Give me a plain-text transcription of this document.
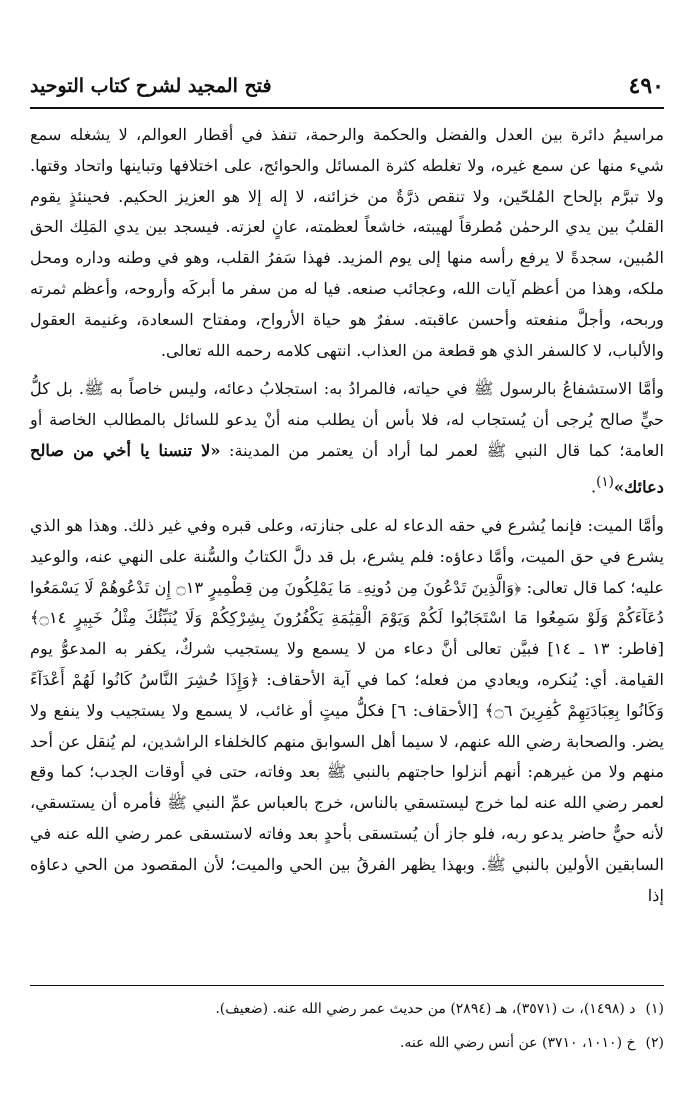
٤٩٠
فتح المجيد لشرح كتاب التوحيد

مراسيمُ دائرة بين العدل والفضل والحكمة والرحمة، تنفذ في أقطار العوالم، لا يشغله سمع شيء منها عن سمع غيره، ولا تغلطه كثرة المسائل والحوائج، على اختلافها وتباينها واتحاد وقتها. ولا تبرَّم بإلحاح المُلحّين، ولا تنقص ذرَّةٌ من خزائنه، لا إله إلا هو العزيز الحكيم. فحينئذٍ يقوم القلبُ بين يدي الرحمٰن مُطرقاً لهيبته، خاشعاً لعظمته، عانٍ لعزته. فيسجد بين يدي المَلِك الحق المُبين، سجدةً لا يرفع رأسه منها إلى يوم المزيد. فهذا سَفرُ القلب، وهو في وطنه وداره ومحل ملكه، وهذا من أعظم آيات الله، وعجائب صنعه. فيا له من سفر ما أبركَه وأروحه، وأعظم ثمرته وربحه، وأجلَّ منفعته وأحسن عاقبته. سفرٌ هو حياة الأرواح، ومفتاح السعادة، وغنيمة العقول والألباب، لا كالسفر الذي هو قطعة من العذاب. انتهى كلامه رحمه الله تعالى.

وأمَّا الاستشفاعُ بالرسول ﷺ في حياته، فالمرادُ به: استجلابُ دعائه، وليس خاصاً به ﷺ. بل كلُّ حيٍّ صالح يُرجى أن يُستجاب له، فلا بأس أن يطلب منه أنْ يدعو للسائل بالمطالب الخاصة أو العامة؛ كما قال النبي ﷺ لعمر لما أراد أن يعتمر من المدينة: «لا تنسنا يا أخي من صالح دعائك»$^{(١)}$.

وأمَّا الميت: فإنما يُشرع في حقه الدعاء له على جنازته، وعلى قبره وفي غير ذلك. وهذا هو الذي يشرع في حق الميت، وأمَّا دعاؤه: فلم يشرع، بل قد دلَّ الكتابُ والسُّنة على النهي عنه، والوعيد عليه؛ كما قال تعالى: ﴿وَالَّذِينَ تَدْعُونَ مِن دُونِهِۦ مَا يَمْلِكُونَ مِن قِطْمِيرٍ ۝١٣ إِن تَدْعُوهُمْ لَا يَسْمَعُوا دُعَآءَكُمْ وَلَوْ سَمِعُوا مَا اسْتَجَابُوا لَكُمْ وَيَوْمَ الْقِيَٰمَةِ يَكْفُرُونَ بِشِرْكِكُمْ وَلَا يُنَبِّئُكَ مِثْلُ خَبِيرٍ ۝١٤﴾ [فاطر: ١٣ ـ ١٤] فبيَّن تعالى أنَّ دعاء من لا يسمع ولا يستجيب شركٌ، يكفر به المدعوُّ يوم القيامة. أي: يُنكره، ويعادي من فعله؛ كما في آية الأحقاف: ﴿وَإِذَا حُشِرَ النَّاسُ كَانُوا لَهُمْ أَعْدَآءً وَكَانُوا بِعِبَادَتِهِمْ كَٰفِرِينَ ۝٦﴾ [الأحقاف: ٦] فكلُّ ميتٍ أو غائب، لا يسمع ولا يستجيب ولا ينفع ولا يضر. والصحابة رضي الله عنهم، لا سيما أهل السوابق منهم كالخلفاء الراشدين، لم يُنقل عن أحد منهم ولا من غيرهم: أنهم أنزلوا حاجتهم بالنبي ﷺ بعد وفاته، حتى في أوقات الجدب؛ كما وقع لعمر رضي الله عنه لما خرج ليستسقي بالناس، خرج بالعباس عمِّ النبي ﷺ فأمره أن يستسقي، لأنه حيٌّ حاضر يدعو ربه، فلو جاز أن يُستسقى بأحدٍ بعد وفاته لاستسقى عمر رضي الله عنه في السابقين الأولين بالنبي ﷺ. وبهذا يظهر الفرقُ بين الحي والميت؛ لأن المقصود من الحي دعاؤه إذا

(١)د (١٤٩٨)، ت (٣٥٧١)، هـ (٢٨٩٤) من حديث عمر رضي الله عنه. (ضعيف).
(٢)خ (١٠١٠، ٣٧١٠) عن أنس رضي الله عنه.
